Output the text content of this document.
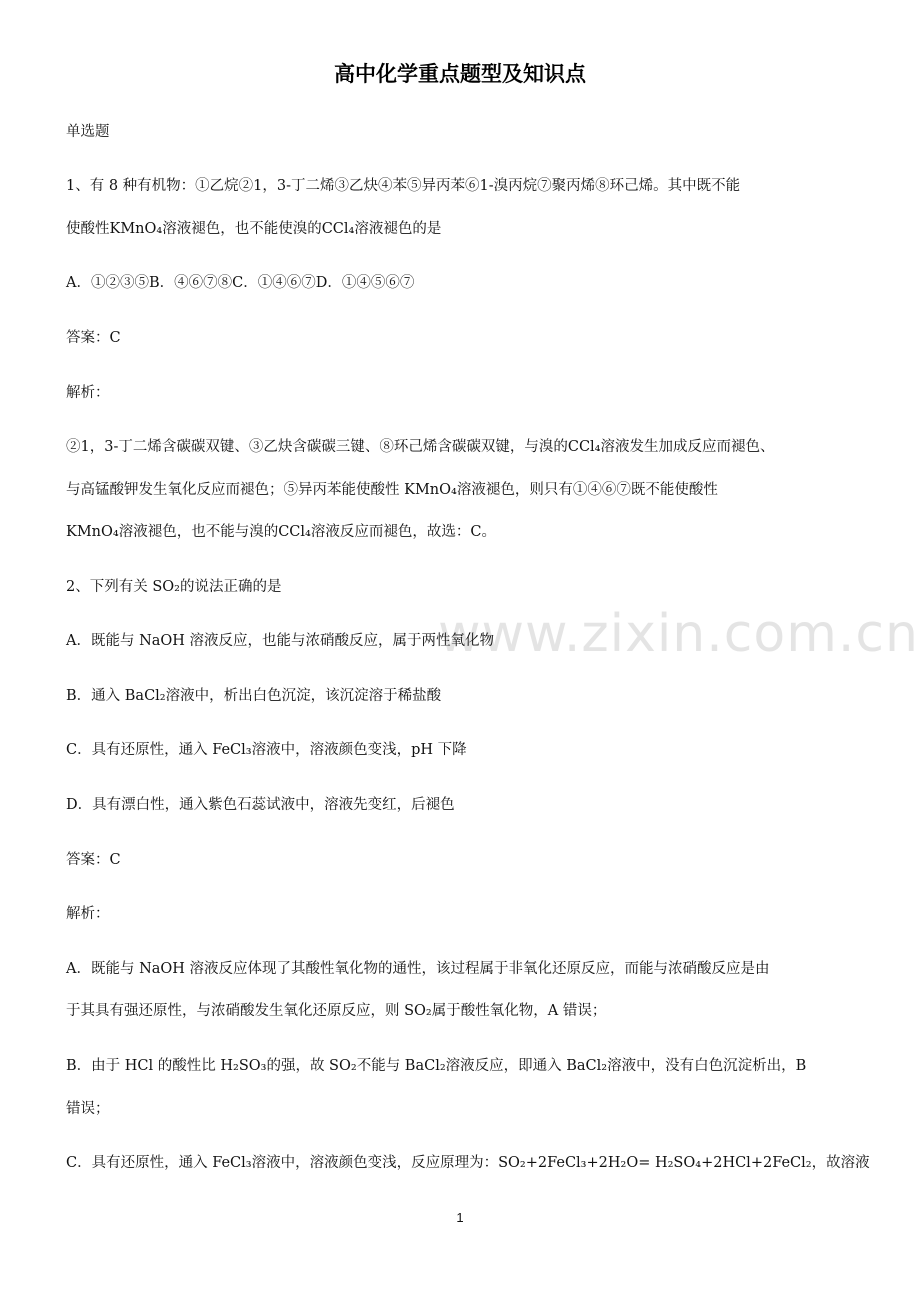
www.zixin.com.cn
高中化学重点题型及知识点
单选题
1、有 8 种有机物：①乙烷②1，3-丁二烯③乙炔④苯⑤异丙苯⑥1-溴丙烷⑦聚丙烯⑧环己烯。其中既不能
使酸性KMnO₄溶液褪色，也不能使溴的CCl₄溶液褪色的是
A．①②③⑤B．④⑥⑦⑧C．①④⑥⑦D．①④⑤⑥⑦
答案：C
解析：
②1，3-丁二烯含碳碳双键、③乙炔含碳碳三键、⑧环己烯含碳碳双键，与溴的CCl₄溶液发生加成反应而褪色、
与高锰酸钾发生氧化反应而褪色；⑤异丙苯能使酸性 KMnO₄溶液褪色，则只有①④⑥⑦既不能使酸性
KMnO₄溶液褪色，也不能与溴的CCl₄溶液反应而褪色，故选：C。
2、下列有关 SO₂的说法正确的是
A．既能与 NaOH 溶液反应，也能与浓硝酸反应，属于两性氧化物
B．通入 BaCl₂溶液中，析出白色沉淀，该沉淀溶于稀盐酸
C．具有还原性，通入 FeCl₃溶液中，溶液颜色变浅，pH 下降
D．具有漂白性，通入紫色石蕊试液中，溶液先变红，后褪色
答案：C
解析：
A．既能与 NaOH 溶液反应体现了其酸性氧化物的通性，该过程属于非氧化还原反应，而能与浓硝酸反应是由
于其具有强还原性，与浓硝酸发生氧化还原反应，则 SO₂属于酸性氧化物，A 错误；
B．由于 HCl 的酸性比 H₂SO₃的强，故 SO₂不能与 BaCl₂溶液反应，即通入 BaCl₂溶液中，没有白色沉淀析出，B
错误；
C．具有还原性，通入 FeCl₃溶液中，溶液颜色变浅，反应原理为：SO₂+2FeCl₃+2H₂O= H₂SO₄+2HCl+2FeCl₂，故溶液
1
